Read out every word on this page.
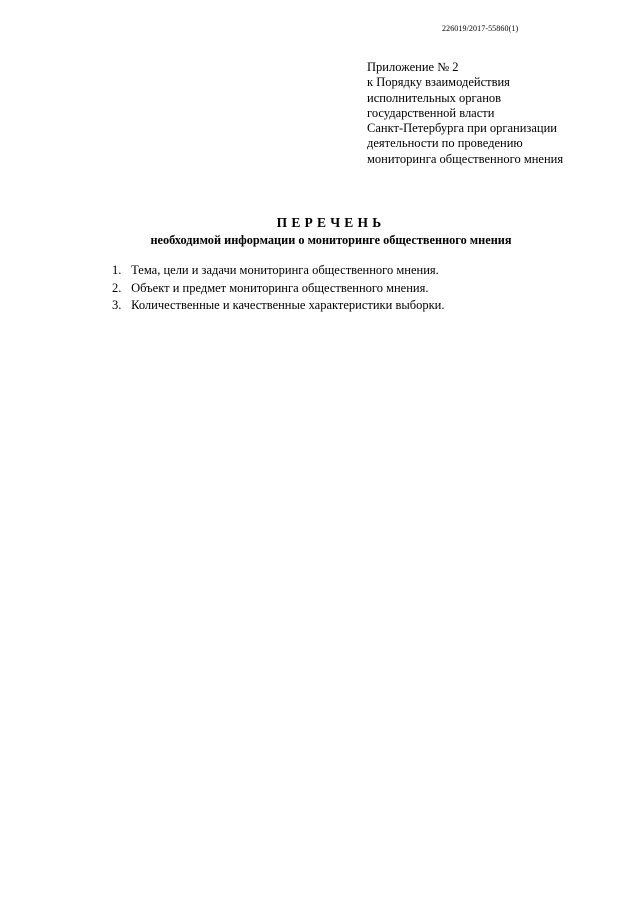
226019/2017-55860(1)
Приложение № 2
к Порядку взаимодействия
исполнительных органов
государственной власти
Санкт-Петербурга при организации
деятельности по проведению
мониторинга общественного мнения
ПЕРЕЧЕНЬ
необходимой информации о мониторинге общественного мнения
1. Тема, цели и задачи мониторинга общественного мнения.
2. Объект и предмет мониторинга общественного мнения.
3. Количественные и качественные характеристики выборки.
